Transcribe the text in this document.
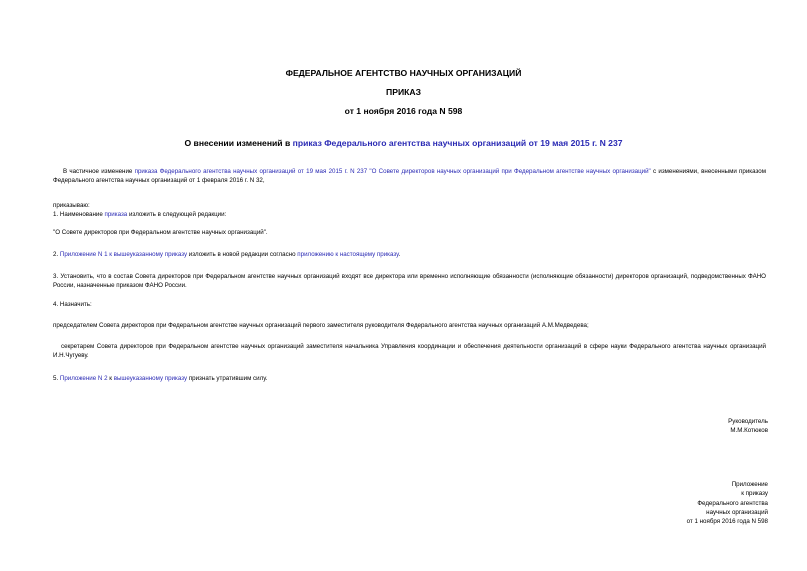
ФЕДЕРАЛЬНОЕ АГЕНТСТВО НАУЧНЫХ ОРГАНИЗАЦИЙ
ПРИКАЗ
от 1 ноября 2016 года N 598
О внесении изменений в приказ Федерального агентства научных организаций от 19 мая 2015 г. N 237
В частичное изменение приказа Федерального агентства научных организаций от 19 мая 2015 г. N 237 "О Совете директоров научных организаций при Федеральном агентстве научных организаций" с изменениями, внесенными приказом Федерального агентства научных организаций от 1 февраля 2016 г. N 32,
приказываю:
1. Наименование приказа изложить в следующей редакции:
"О Совете директоров при Федеральном агентстве научных организаций".
2. Приложение N 1 к вышеуказанному приказу изложить в новой редакции согласно приложению к настоящему приказу.
3. Установить, что в состав Совета директоров при Федеральном агентстве научных организаций входят все директора или временно исполняющие обязанности (исполняющие обязанности) директоров организаций, подведомственных ФАНО России, назначенные приказом ФАНО России.
4. Назначить:
председателем Совета директоров при Федеральном агентстве научных организаций первого заместителя руководителя Федерального агентства научных организаций А.М.Медведева;
секретарем Совета директоров при Федеральном агентстве научных организаций заместителя начальника Управления координации и обеспечения деятельности организаций в сфере науки Федерального агентства научных организаций И.Н.Чугуеву.
5. Приложение N 2 к вышеуказанному приказу признать утратившим силу.
Руководитель
М.М.Котюков
Приложение
к приказу
Федерального агентства
научных организаций
от 1 ноября 2016 года N 598
